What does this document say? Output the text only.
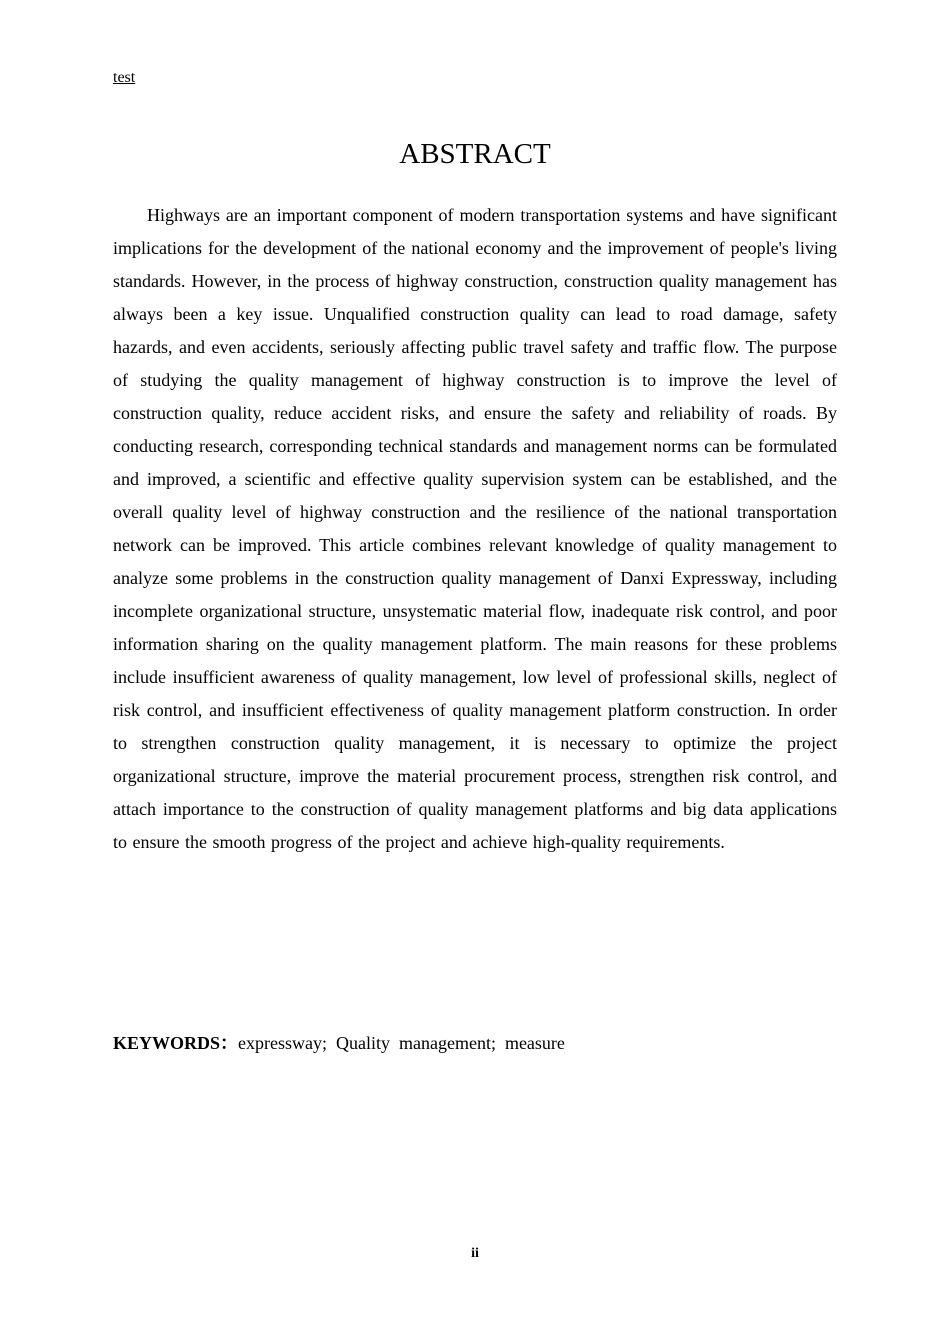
test
ABSTRACT

Highways are an important component of modern transportation systems and have significant implications for the development of the national economy and the improvement of people's living standards. However, in the process of highway construction, construction quality management has always been a key issue. Unqualified construction quality can lead to road damage, safety hazards, and even accidents, seriously affecting public travel safety and traffic flow. The purpose of studying the quality management of highway construction is to improve the level of construction quality, reduce accident risks, and ensure the safety and reliability of roads. By conducting research, corresponding technical standards and management norms can be formulated and improved, a scientific and effective quality supervision system can be established, and the overall quality level of highway construction and the resilience of the national transportation network can be improved. This article combines relevant knowledge of quality management to analyze some problems in the construction quality management of Danxi Expressway, including incomplete organizational structure, unsystematic material flow, inadequate risk control, and poor information sharing on the quality management platform. The main reasons for these problems include insufficient awareness of quality management, low level of professional skills, neglect of risk control, and insufficient effectiveness of quality management platform construction. In order to strengthen construction quality management, it is necessary to optimize the project organizational structure, improve the material procurement process, strengthen risk control, and attach importance to the construction of quality management platforms and big data applications to ensure the smooth progress of the project and achieve high-quality requirements.

KEYWORDS：expressway;  Quality  management;  measure
ii
